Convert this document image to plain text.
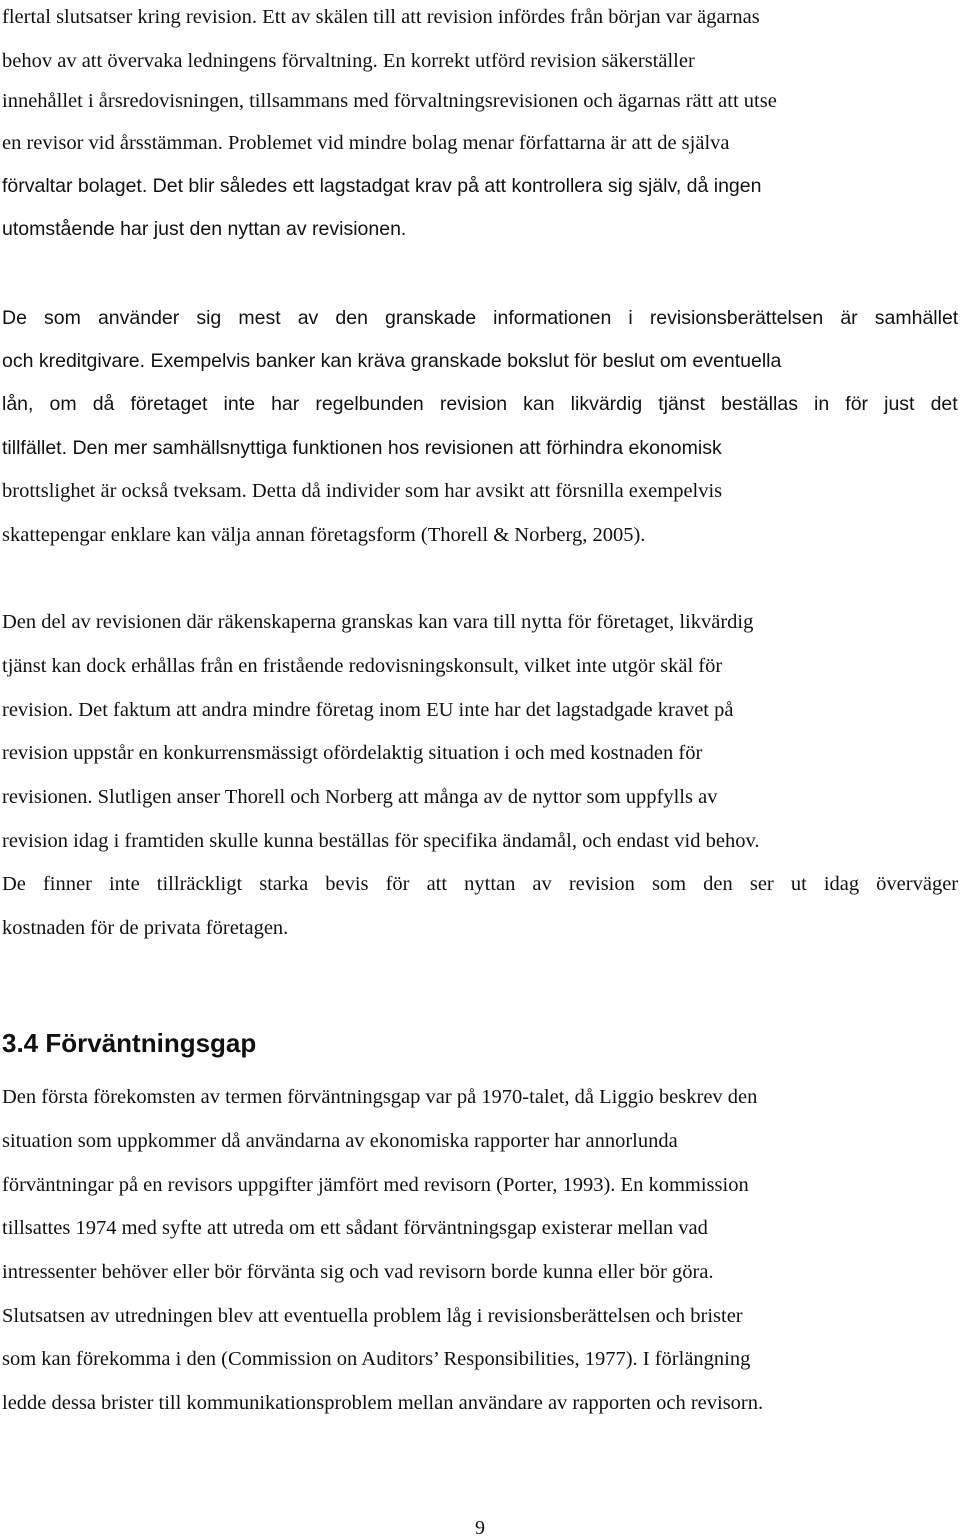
flertal slutsatser kring revision. Ett av skälen till att revision infördes från början var ägarnas
behov av att övervaka ledningens förvaltning. En korrekt utförd revision säkerställer
innehållet i årsredovisningen, tillsammans med förvaltningsrevisionen och ägarnas rätt att utse
en revisor vid årsstämman. Problemet vid mindre bolag menar författarna är att de själva
förvaltar bolaget. Det blir således ett lagstadgat krav på att kontrollera sig själv, då ingen
utomstående har just den nyttan av revisionen.
De som använder sig mest av den granskade informationen i revisionsberättelsen är samhället
och kreditgivare. Exempelvis banker kan kräva granskade bokslut för beslut om eventuella
lån, om då företaget inte har regelbunden revision kan likvärdig tjänst beställas in för just det
tillfället. Den mer samhällsnyttiga funktionen hos revisionen att förhindra ekonomisk
brottslighet är också tveksam. Detta då individer som har avsikt att försnilla exempelvis
skattepengar enklare kan välja annan företagsform (Thorell & Norberg, 2005).
Den del av revisionen där räkenskaperna granskas kan vara till nytta för företaget, likvärdig
tjänst kan dock erhållas från en fristående redovisningskonsult, vilket inte utgör skäl för
revision. Det faktum att andra mindre företag inom EU inte har det lagstadgade kravet på
revision uppstår en konkurrensmässigt ofördelaktig situation i och med kostnaden för
revisionen. Slutligen anser Thorell och Norberg att många av de nyttor som uppfylls av
revision idag i framtiden skulle kunna beställas för specifika ändamål, och endast vid behov.
De finner inte tillräckligt starka bevis för att nyttan av revision som den ser ut idag överväger
kostnaden för de privata företagen.
3.4 Förväntningsgap
Den första förekomsten av termen förväntningsgap var på 1970-talet, då Liggio beskrev den
situation som uppkommer då användarna av ekonomiska rapporter har annorlunda
förväntningar på en revisors uppgifter jämfört med revisorn (Porter, 1993). En kommission
tillsattes 1974 med syfte att utreda om ett sådant förväntningsgap existerar mellan vad
intressenter behöver eller bör förvänta sig och vad revisorn borde kunna eller bör göra.
Slutsatsen av utredningen blev att eventuella problem låg i revisionsberättelsen och brister
som kan förekomma i den (Commission on Auditors’ Responsibilities, 1977). I förlängning
ledde dessa brister till kommunikationsproblem mellan användare av rapporten och revisorn.
9
